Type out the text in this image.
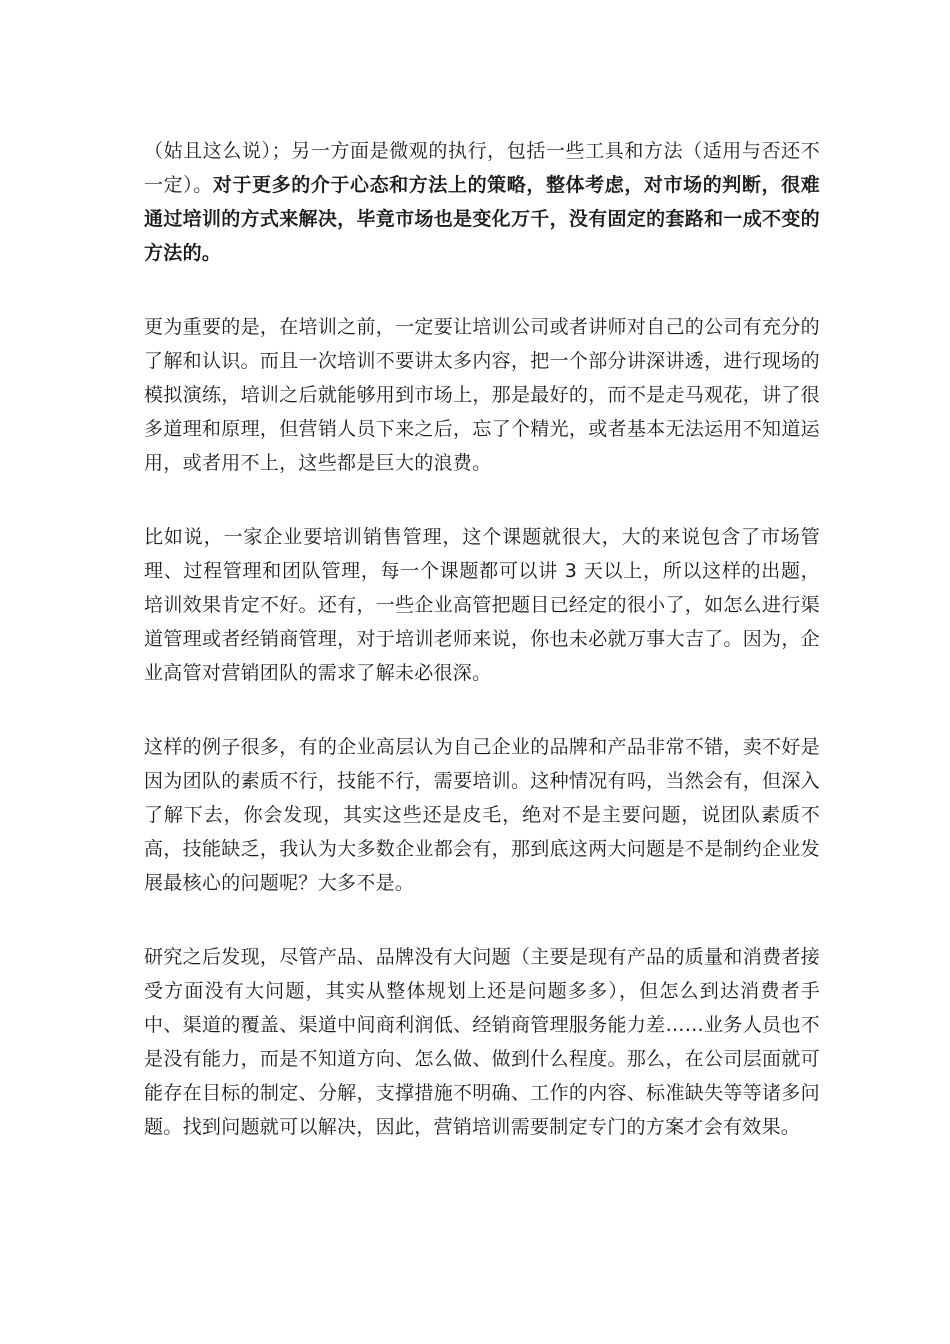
（姑且这么说）；另一方面是微观的执行，包括一些工具和方法（适用与否还不一定）。对于更多的介于心态和方法上的策略，整体考虑，对市场的判断，很难通过培训的方式来解决，毕竟市场也是变化万千，没有固定的套路和一成不变的方法的。

更为重要的是，在培训之前，一定要让培训公司或者讲师对自己的公司有充分的了解和认识。而且一次培训不要讲太多内容，把一个部分讲深讲透，进行现场的模拟演练，培训之后就能够用到市场上，那是最好的，而不是走马观花，讲了很多道理和原理，但营销人员下来之后，忘了个精光，或者基本无法运用不知道运用，或者用不上，这些都是巨大的浪费。

比如说，一家企业要培训销售管理，这个课题就很大，大的来说包含了市场管理、过程管理和团队管理，每一个课题都可以讲 3 天以上，所以这样的出题，培训效果肯定不好。还有，一些企业高管把题目已经定的很小了，如怎么进行渠道管理或者经销商管理，对于培训老师来说，你也未必就万事大吉了。因为，企业高管对营销团队的需求了解未必很深。

这样的例子很多，有的企业高层认为自己企业的品牌和产品非常不错，卖不好是因为团队的素质不行，技能不行，需要培训。这种情况有吗，当然会有，但深入了解下去，你会发现，其实这些还是皮毛，绝对不是主要问题，说团队素质不高，技能缺乏，我认为大多数企业都会有，那到底这两大问题是不是制约企业发展最核心的问题呢？大多不是。

研究之后发现，尽管产品、品牌没有大问题（主要是现有产品的质量和消费者接受方面没有大问题，其实从整体规划上还是问题多多），但怎么到达消费者手中、渠道的覆盖、渠道中间商利润低、经销商管理服务能力差……业务人员也不是没有能力，而是不知道方向、怎么做、做到什么程度。那么，在公司层面就可能存在目标的制定、分解，支撑措施不明确、工作的内容、标准缺失等等诸多问题。找到问题就可以解决，因此，营销培训需要制定专门的方案才会有效果。
